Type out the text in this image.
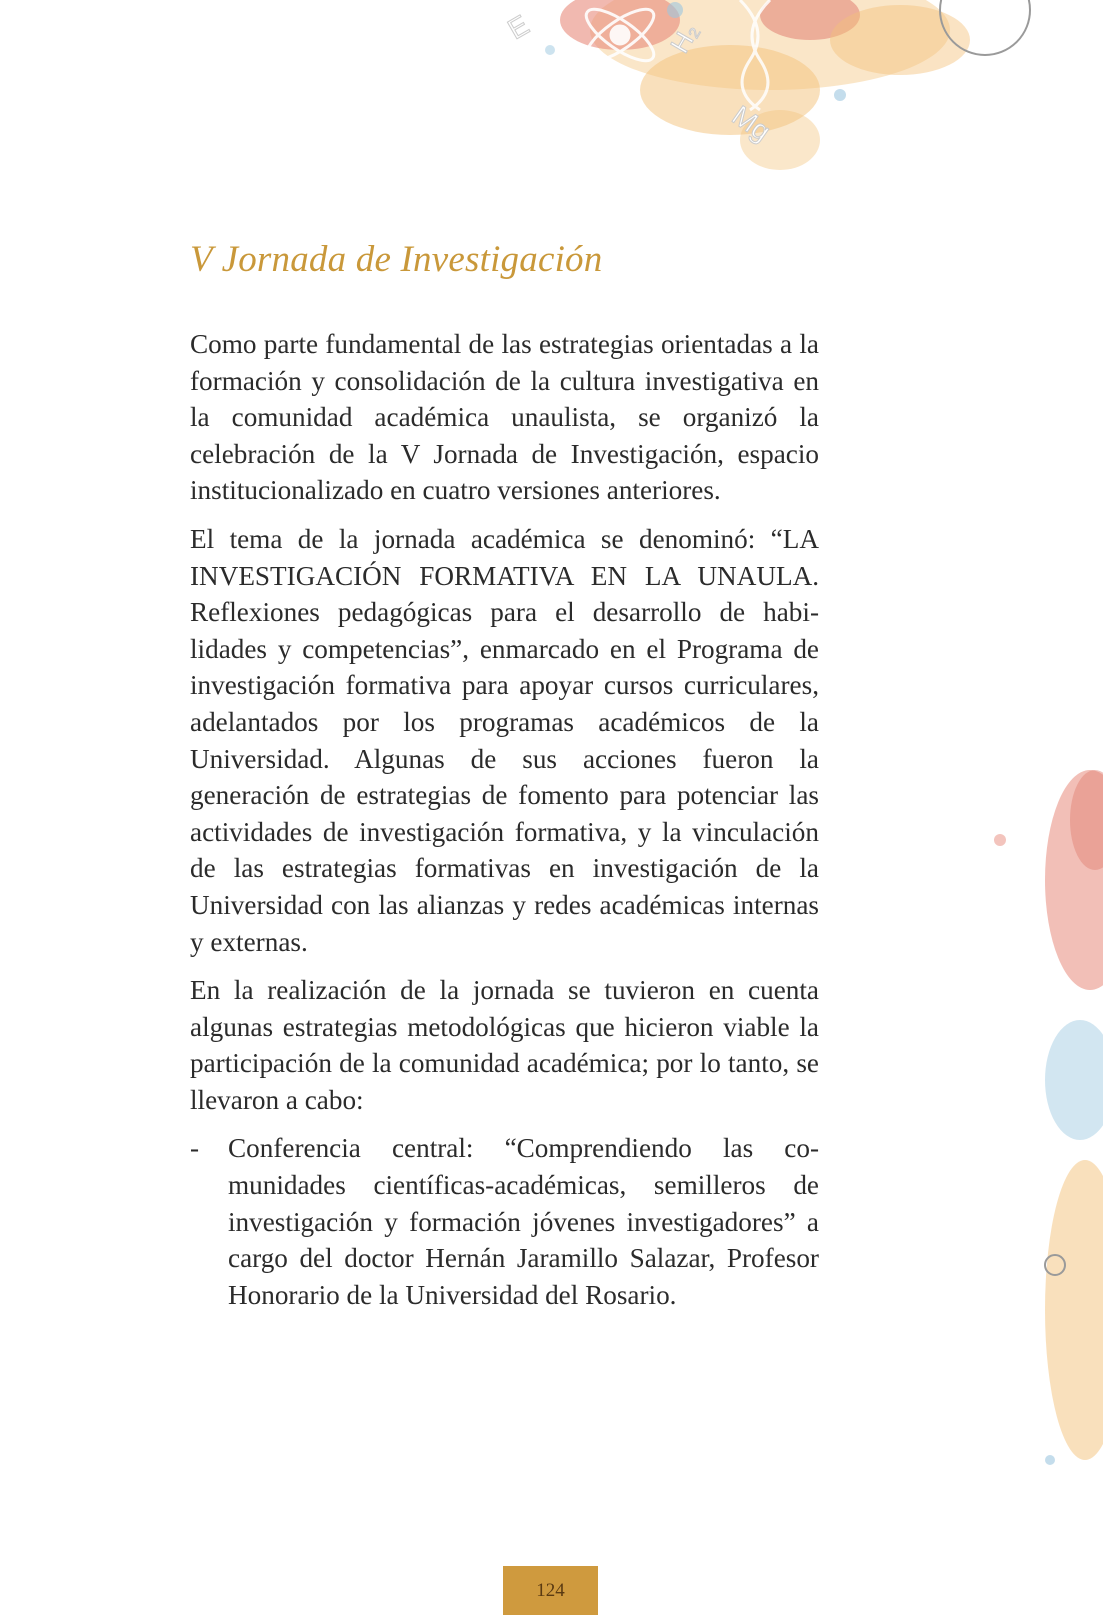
E	H₂
Mg
V Jornada de Investigación

Como parte fundamental de las estrategias orientadas a la formación y consolidación de la cultura investigativa en la comunidad académica unaulista, se organizó la celebración de la V Jornada de Investigación, espacio institucionalizado en cuatro versiones anteriores.

El tema de la jornada académica se denominó: “LA INVESTIGACIÓN FORMATIVA EN LA UNAULA. Reflexiones pedagógicas para el desarrollo de habilidades y competencias”, enmarcado en el Programa de investigación formativa para apoyar cursos curriculares, adelantados por los programas académicos de la Universidad. Algunas de sus acciones fueron la generación de estrategias de fomento para potenciar las actividades de investigación formativa, y la vinculación de las estrategias formativas en investigación de la Universidad con las alianzas y redes académicas internas y externas.

En la realización de la jornada se tuvieron en cuenta algunas estrategias metodológicas que hicieron viable la participación de la comunidad académica; por lo tanto, se llevaron a cabo:

- Conferencia central: “Comprendiendo las comunidades científicas-académicas, semilleros de investigación y formación jóvenes investigadores” a cargo del doctor Hernán Jaramillo Salazar, Profesor Honorario de la Universidad del Rosario.
124
